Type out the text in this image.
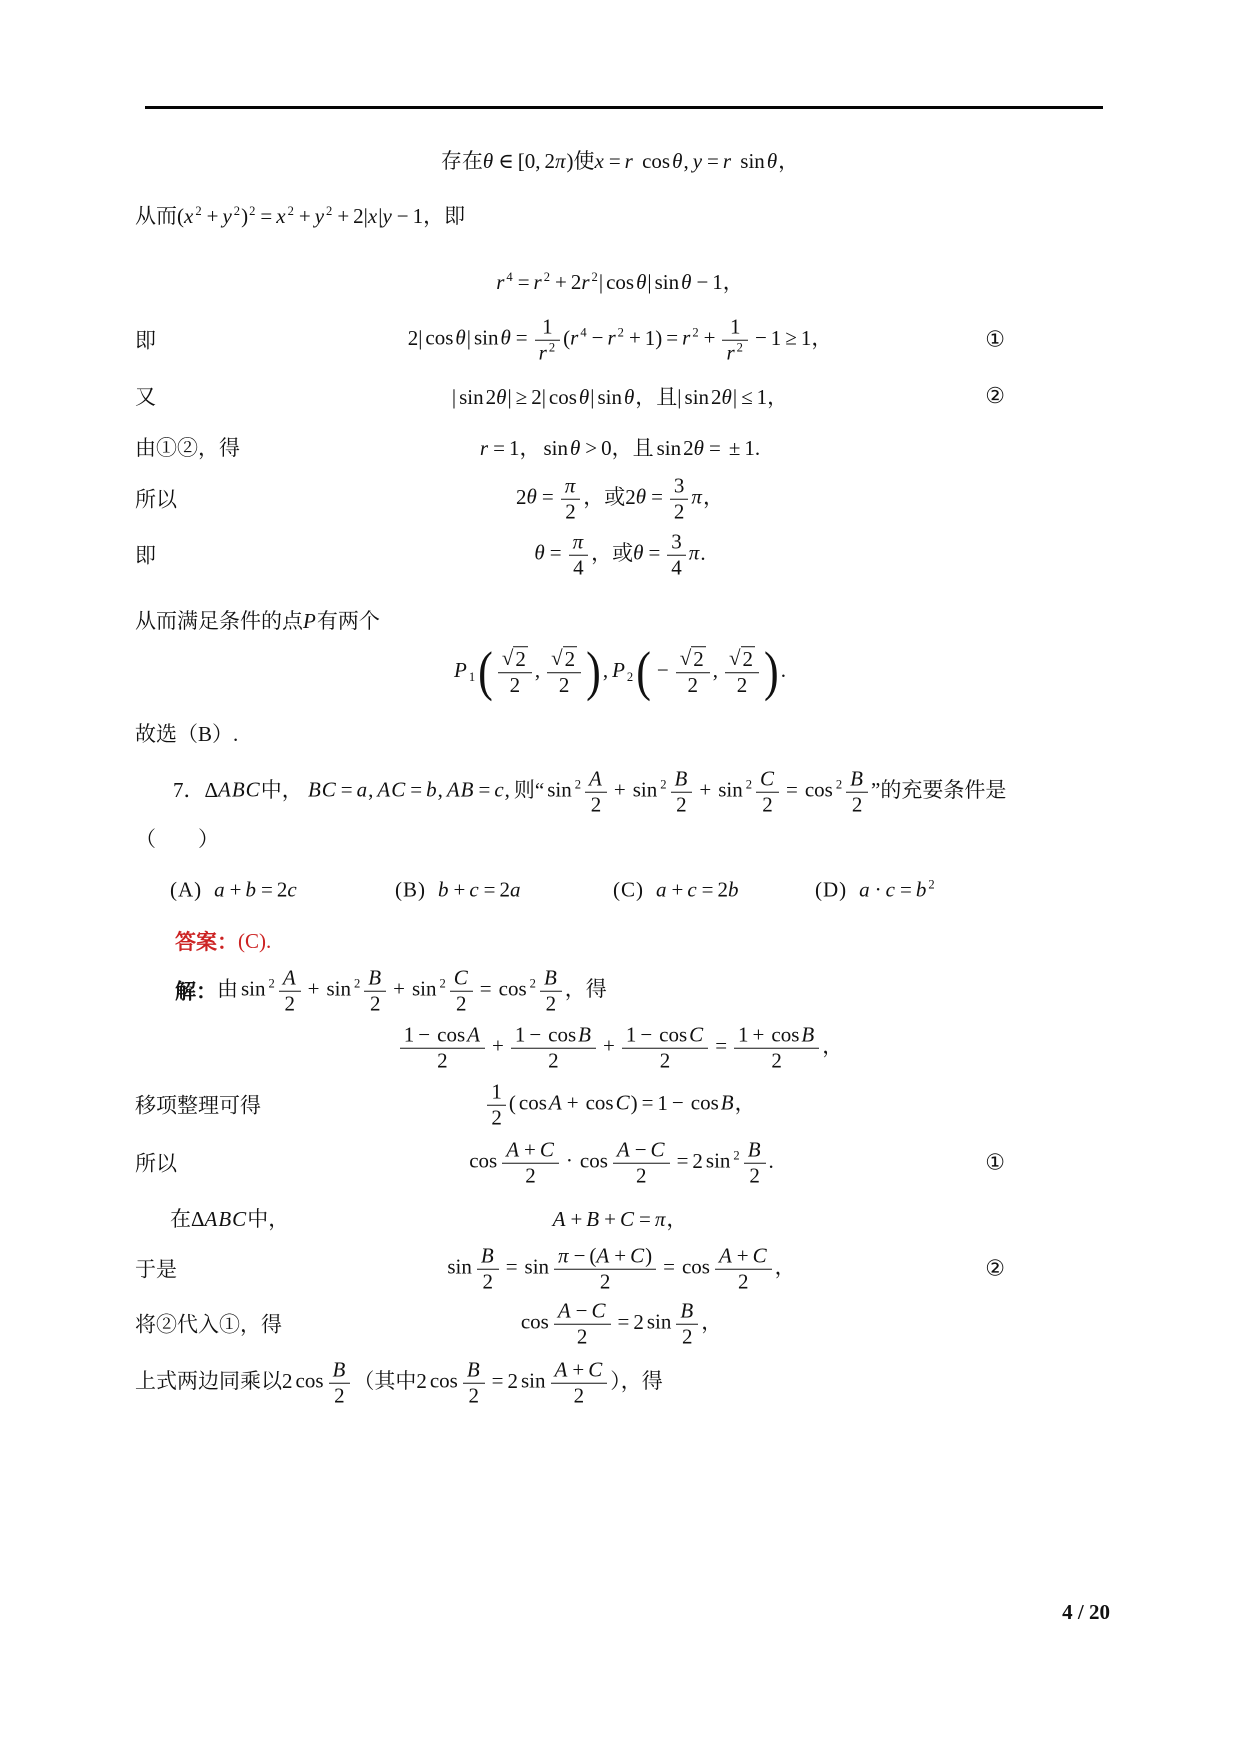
存在θ ∈ [0, 2π)使x = r cosθ, y = r sinθ，
从而(x $^2$ + y $^2$)$^2$ = x $^2$ + y $^2$ + 2|x|y − 1，即
r $^4$ = r $^2$ + 2r $^2$| cosθ| sinθ − 1，
即	2| cosθ| $\sin\theta = \frac{1}{r ^2} (r$ $^4$ − r $^2$ + 1) = r $^2 + \frac{1}{r ^2} - 1 \ge 1$，	①
又	| sin2θ| ≥ 2| cosθ| sinθ，且| sin2θ| ≤ 1，	②
由①②，得	r = 1， sinθ > 0，且 sin2θ = ± 1.
所以	$2\theta = \frac{\pi}{2}$ ，或$2\theta = \frac{3}{2}$ π，
即	$\theta = \frac{\pi}{4}$ ，或$\theta = \frac{3}{4} \pi$.
从而满足条件的点P有两个
P $_1( \frac{√ 2}{2}$ , $\frac{√ 2}{2}$ ), P $_2( - \frac{√ 2}{2}$ , $\frac{√ 2}{2}$ ).
故选（B）.
7．ΔABC中， BC = a, AC = b, AB = c, 则“ $\sin ^2 \frac{A}{2} + \sin ^2 \frac{B}{2} + \sin ^2 \frac{C}{2} = \cos ^2 \frac{B}{2}$ ”的充要条件是
（　　）
(A) a + b = 2c	(B) b + c = 2a	(C) a + c = 2b	(D) a · c = b $^2$
答案： (C).
解： 由 $\sin ^2 \frac{A}{2} + \sin ^2 \frac{B}{2} + \sin ^2 \frac{C}{2} = \cos ^2 \frac{B}{2}$ ，得
$\frac{1 - \cos A}{2} + \frac{1 - \cos B}{2} + \frac{1 - \cos C}{2} = \frac{1 + \cos B}{2}$ ，
移项整理可得	$\frac{1}{2}$ ( cosA + cosC) = 1 − cosB，
所以	$\cos \frac{A + C}{2} \cdot \cos \frac{A - C}{2} = 2$ $\sin ^2 \frac{B}{2}$ .	①
在ΔABC中，	A + B + C = π，
于是	$\sin \frac{B}{2} = \sin \frac{\pi - (A + C)}{2} = \cos \frac{A + C}{2}$ ，	②
将②代入①，得	$\cos \frac{A - C}{2} = 2$ $\sin \frac{B}{2}$ ，
上式两边同乘以2 $\cos \frac{B}{2}$ （其中2 $\cos \frac{B}{2} = 2$ $\sin \frac{A + C}{2}$ ），得
4 / 20
